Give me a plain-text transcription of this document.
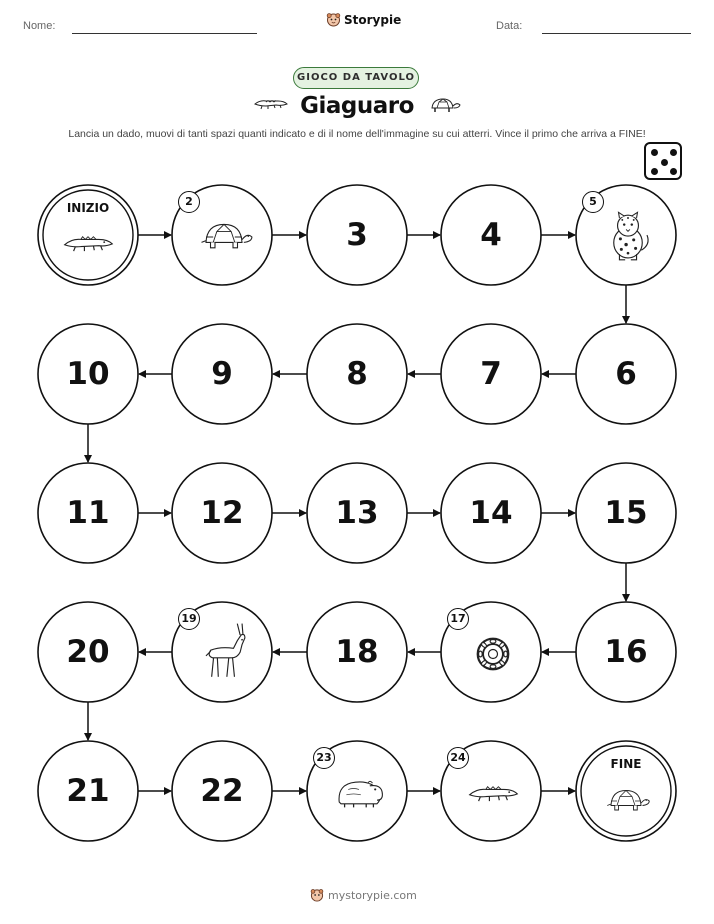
Nome:	Storypie	Data:
GIOCO DA TAVOLO
Giaguaro
Lancia un dado, muovi di tanti spazi quanti indicato e di il nome dell'immagine su cui atterri. Vince il primo che arriva a FINE!
INIZIO
FINE
2
3	4
5
6
7
8
9
10
11	12	13	14	15
16
17
18
19
20
21	22
23	24
mystorypie.com
